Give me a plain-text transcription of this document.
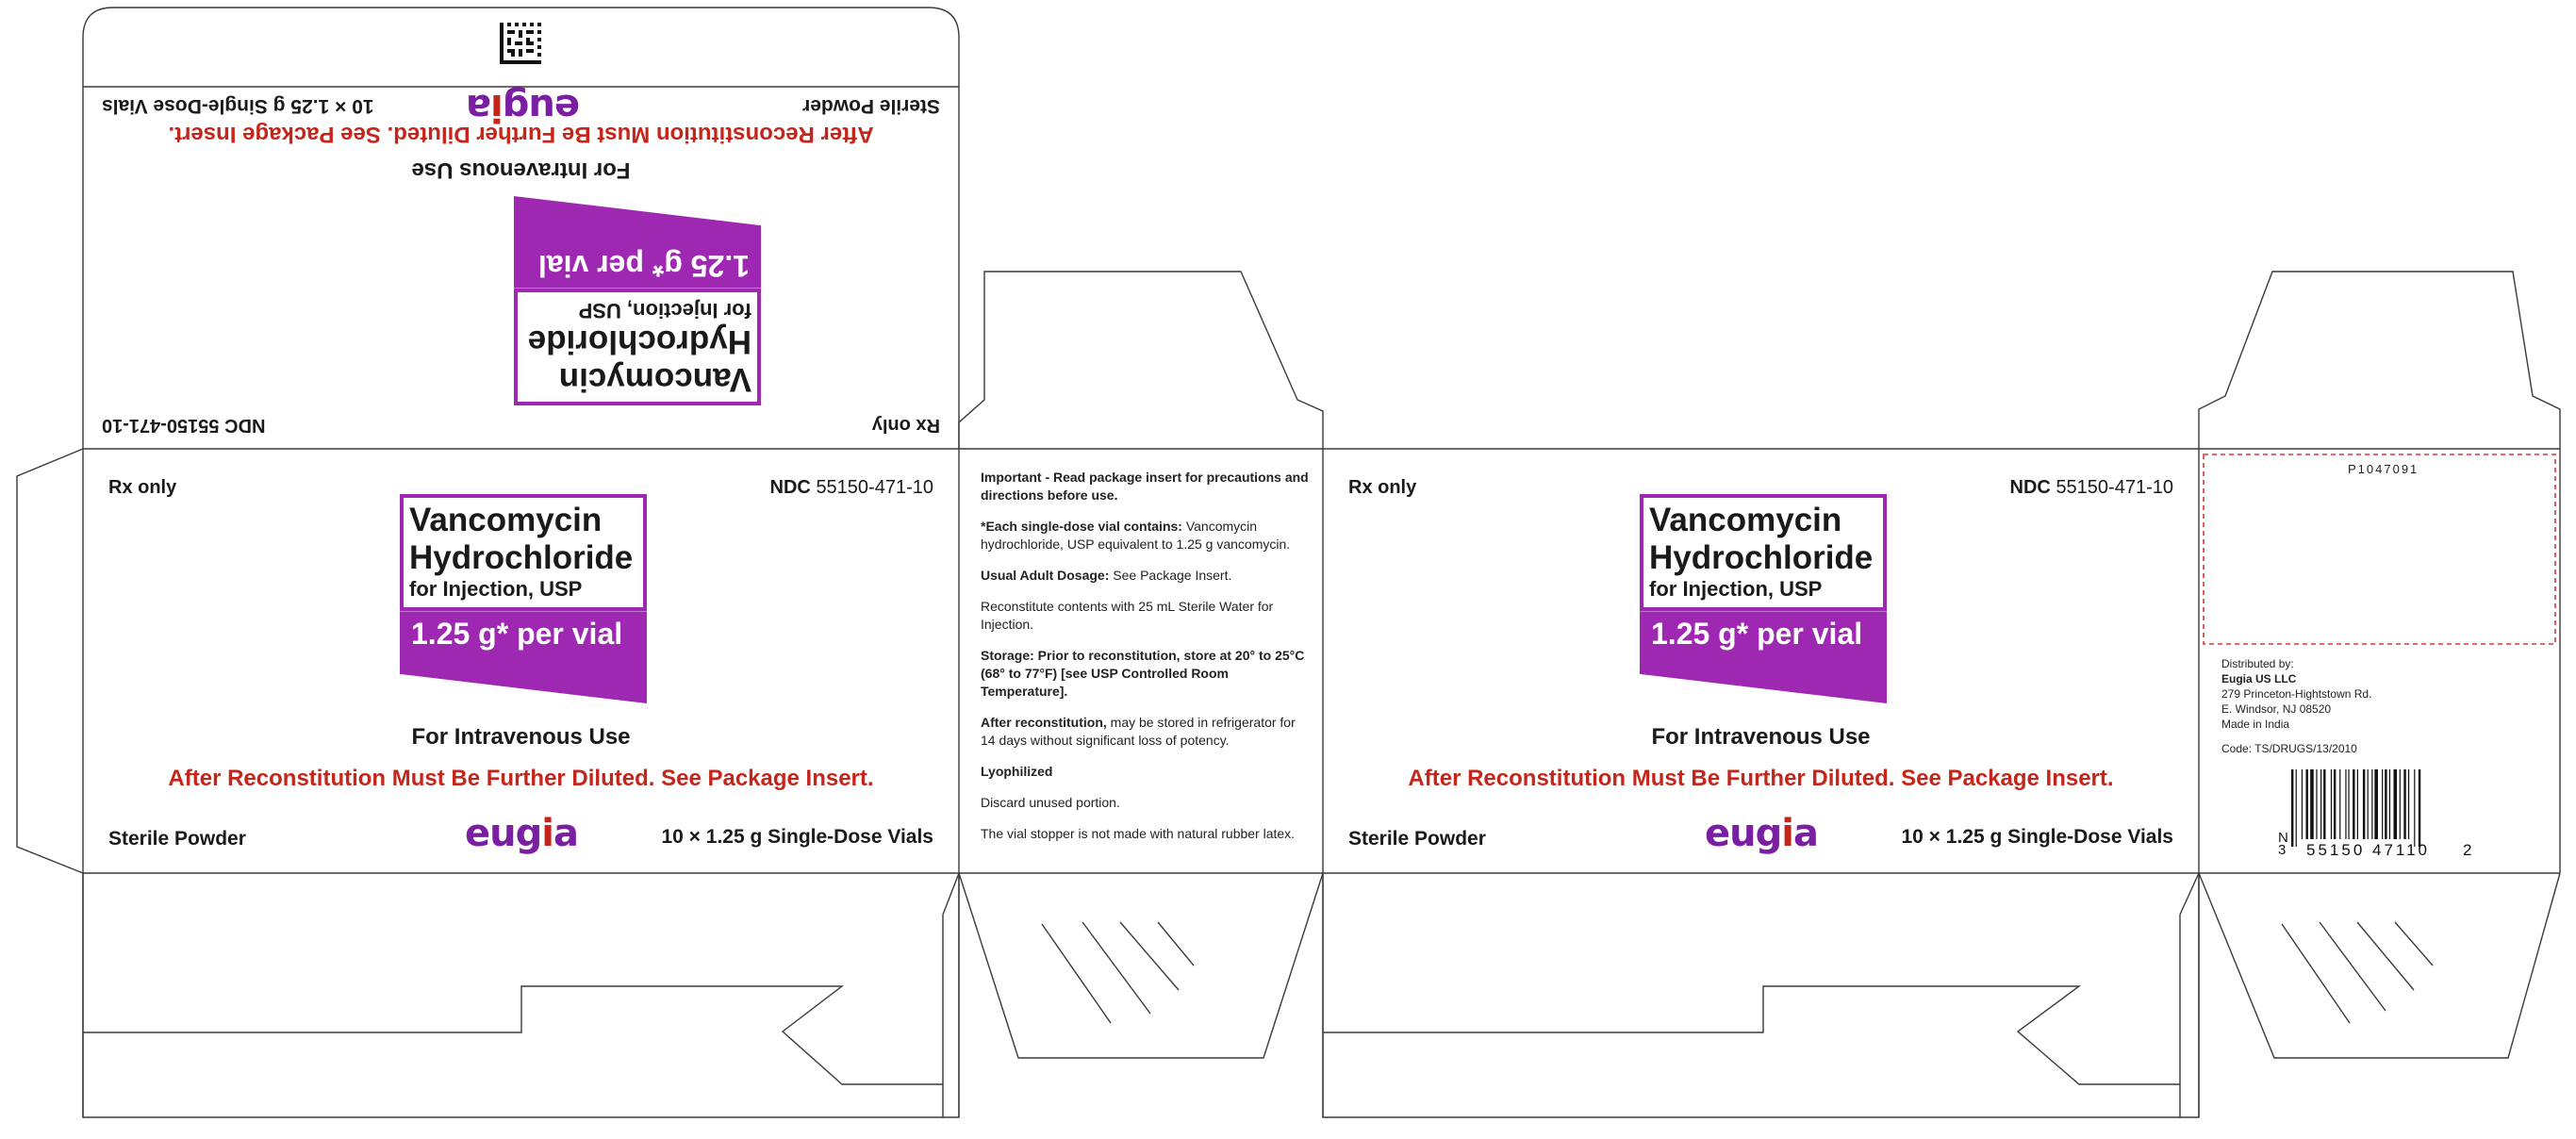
Rx only
NDC 55150-471-10
Vancomycin
Hydrochloride
for Injection, USP
1.25 g* per vial
For Intravenous Use
After Reconstitution Must Be Further Diluted. See Package Insert.
Sterile Powder
eugia
10 × 1.25 g Single-Dose Vials
Rx only	NDC 55150-471-10
Vancomycin
Hydrochloride
for Injection, USP
1.25 g* per vial
For Intravenous Use
After Reconstitution Must Be Further Diluted. See Package Insert.
Sterile Powder	eugia	10 × 1.25 g Single-Dose Vials

Important - Read package insert for precautions and directions before use.

*Each single-dose vial contains: Vancomycin hydrochloride, USP equivalent to 1.25 g vancomycin.

Usual Adult Dosage: See Package Insert.

Reconstitute contents with 25 mL Sterile Water for Injection.

Storage: Prior to reconstitution, store at 20° to 25°C (68° to 77°F) [see USP Controlled Room Temperature].

After reconstitution, may be stored in refrigerator for 14 days without significant loss of potency.

Lyophilized

Discard unused portion.

The vial stopper is not made with natural rubber latex.

Rx only	NDC 55150-471-10
Vancomycin
Hydrochloride
for Injection, USP
1.25 g* per vial
For Intravenous Use
After Reconstitution Must Be Further Diluted. See Package Insert.
Sterile Powder	eugia	10 × 1.25 g Single-Dose Vials
P1047091
Distributed by:
Eugia US LLC
279 Princeton-Hightstown Rd.
E. Windsor, NJ 08520
Made in India
Code: TS/DRUGS/13/2010
N
3 55150 47110 2
